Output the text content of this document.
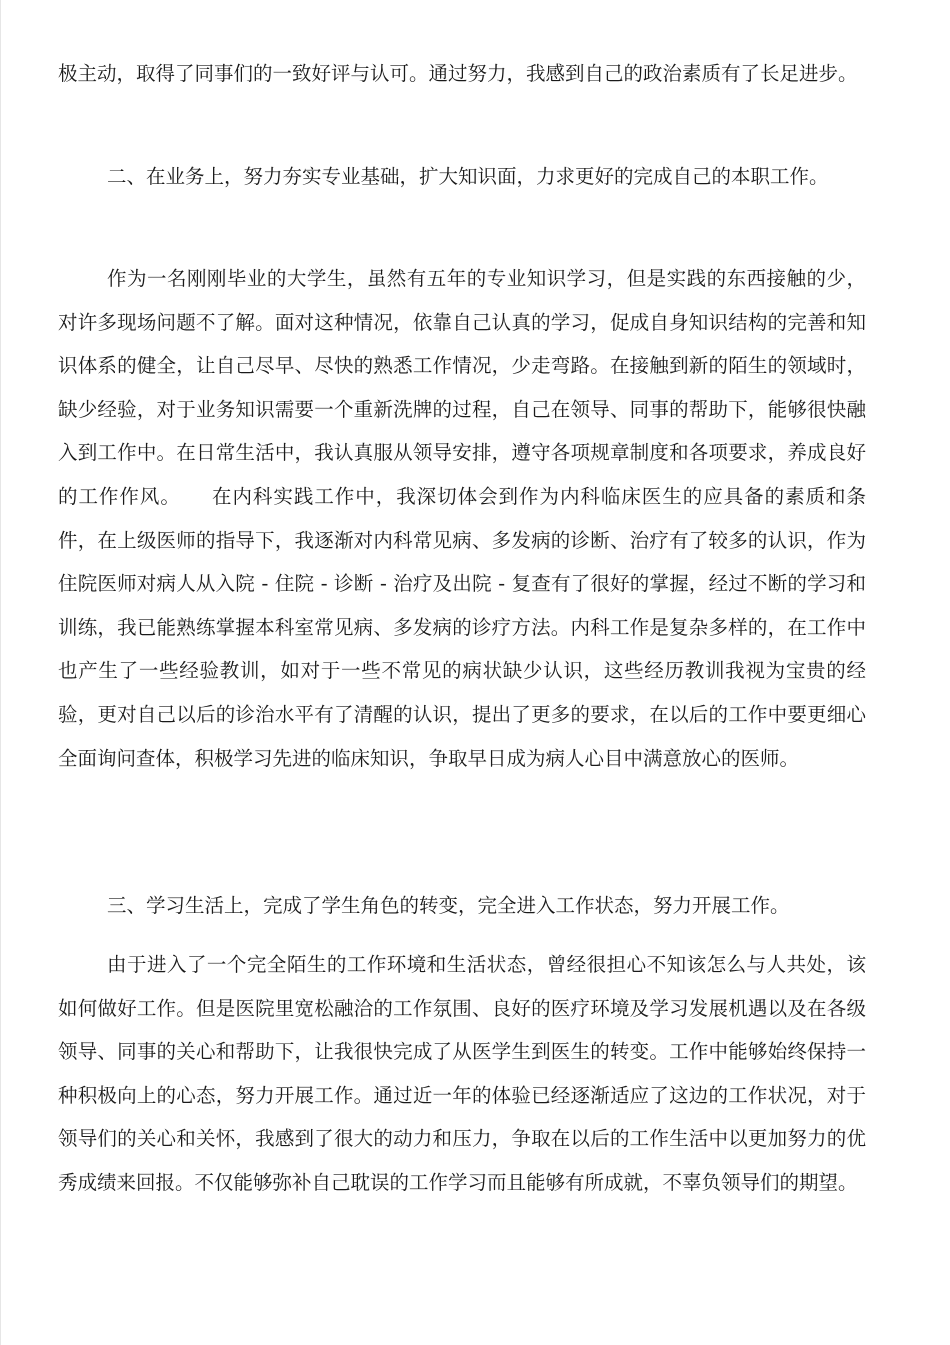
极主动，取得了同事们的一致好评与认可。通过努力，我感到自己的政治素质有了长足进步。

二、在业务上，努力夯实专业基础，扩大知识面，力求更好的完成自己的本职工作。

作为一名刚刚毕业的大学生，虽然有五年的专业知识学习，但是实践的东西接触的少，对许多现场问题不了解。面对这种情况，依靠自己认真的学习，促成自身知识结构的完善和知识体系的健全，让自己尽早、尽快的熟悉工作情况，少走弯路。在接触到新的陌生的领域时，缺少经验，对于业务知识需要一个重新洗牌的过程，自己在领导、同事的帮助下，能够很快融入到工作中。在日常生活中，我认真服从领导安排，遵守各项规章制度和各项要求，养成良好的工作作风。　　在内科实践工作中，我深切体会到作为内科临床医生的应具备的素质和条件，在上级医师的指导下，我逐渐对内科常见病、多发病的诊断、治疗有了较多的认识，作为住院医师对病人从入院 - 住院 - 诊断 - 治疗及出院 - 复查有了很好的掌握，经过不断的学习和训练，我已能熟练掌握本科室常见病、多发病的诊疗方法。内科工作是复杂多样的，在工作中也产生了一些经验教训，如对于一些不常见的病状缺少认识，这些经历教训我视为宝贵的经验，更对自己以后的诊治水平有了清醒的认识，提出了更多的要求，在以后的工作中要更细心全面询问查体，积极学习先进的临床知识，争取早日成为病人心目中满意放心的医师。

三、学习生活上，完成了学生角色的转变，完全进入工作状态，努力开展工作。

由于进入了一个完全陌生的工作环境和生活状态，曾经很担心不知该怎么与人共处，该如何做好工作。但是医院里宽松融洽的工作氛围、良好的医疗环境及学习发展机遇以及在各级领导、同事的关心和帮助下，让我很快完成了从医学生到医生的转变。工作中能够始终保持一种积极向上的心态，努力开展工作。通过近一年的体验已经逐渐适应了这边的工作状况，对于领导们的关心和关怀，我感到了很大的动力和压力，争取在以后的工作生活中以更加努力的优秀成绩来回报。不仅能够弥补自己耽误的工作学习而且能够有所成就，不辜负领导们的期望。
